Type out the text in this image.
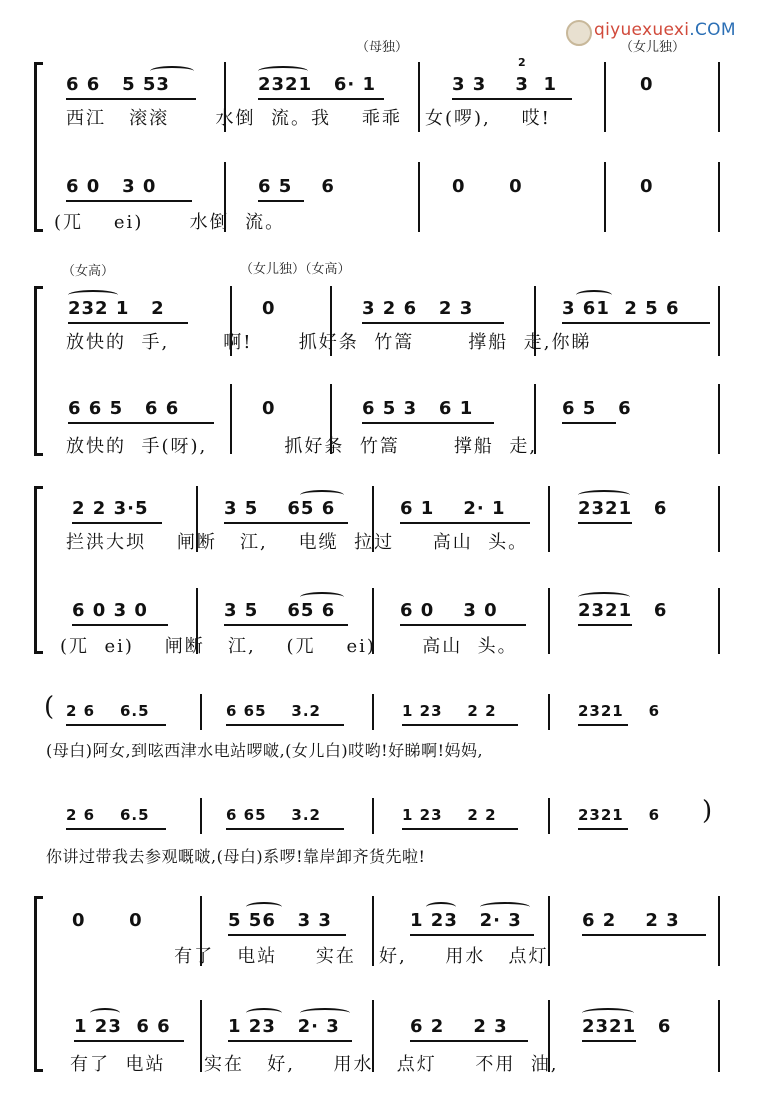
qiyuexuexi.COM
（母独）	（女儿独）
6 6   5 53	2321   6· 1	3 3    3  1	0
2
西江   滚滚      水倒  流。我    乖乖   女(啰),    哎!
6 0   3 0	6 5    6	0      0	0
(兀    ei)      水倒  流。
（女高）	（女儿独）（女高）
232 1   2	0	3 2 6   2 3	3 61  2 5 6
放快的  手,       啊!      抓好条  竹篙       撑船  走,你睇
6 6 5   6 6	0	6 5 3   6 1	6 5   6
放快的  手(呀),          抓好条  竹篙       撑船  走,
2 2 3·5	3 5    65 6	6 1    2· 1	2321   6
拦洪大坝    闸断   江,    电缆  拉过     高山  头。
6 0 3 0	3 5    65 6	6 0    3 0	2321   6
(兀  ei)    闸断   江,    (兀    ei)      高山  头。
( 2 6    6.5	6 65    3.2	1 23    2 2	2321    6
(母白)阿女,到呟西津水电站啰啵,(女儿白)哎哟!好睇啊!妈妈,
2 6    6.5	6 65    3.2	1 23    2 2	2321    6 )
你讲过带我去参观嘅啵,(母白)系啰!靠岸卸齐货先啦!
0      0	5 56   3 3	1 23   2· 3	6 2    2 3
有了   电站     实在   好,     用水   点灯
1 23  6 6	1 23   2· 3	6 2    2 3	2321   6
有了  电站     实在   好,     用水   点灯     不用  油,
